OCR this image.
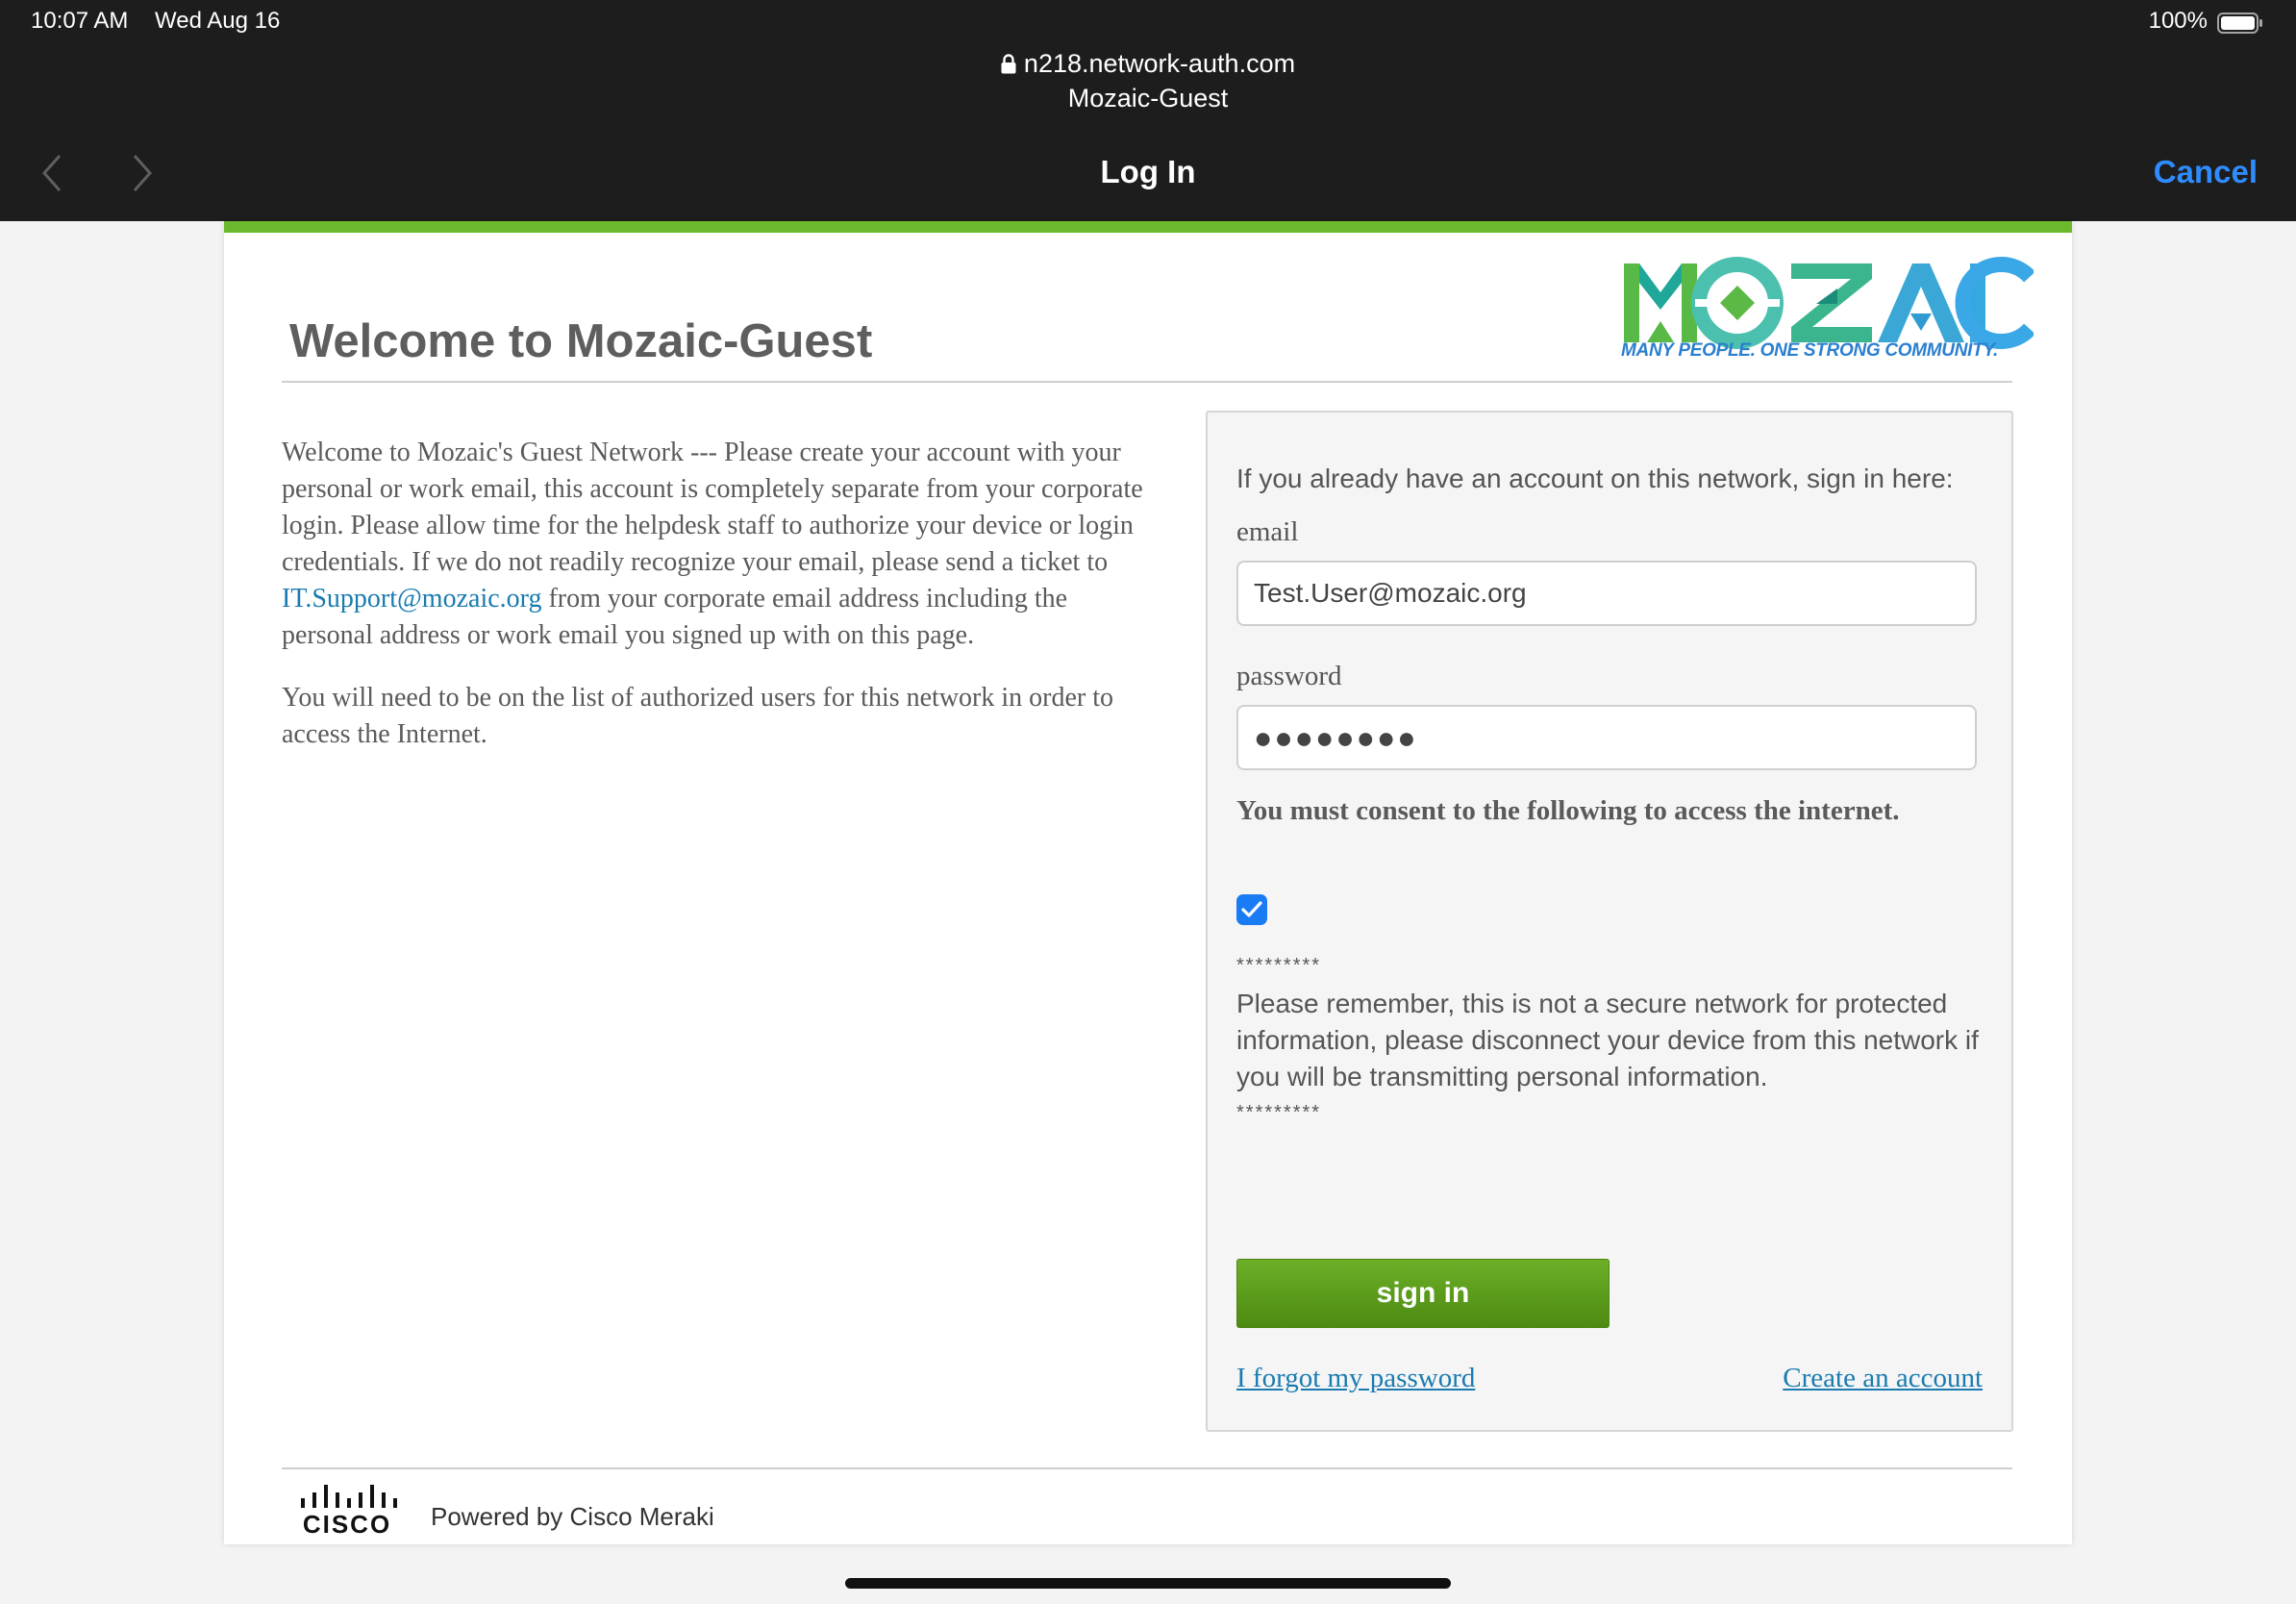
10:07 AM Wed Aug 16	100%
n218.network-auth.com
Mozaic-Guest
Log In	Cancel
Welcome to Mozaic-Guest	MANY PEOPLE. ONE STRONG COMMUNITY.

Welcome to Mozaic's Guest Network --- Please create your account with your personal or work email, this account is completely separate from your corporate login. Please allow time for the helpdesk staff to authorize your device or login credentials. If we do not readily recognize your email, please send a ticket to IT.Support@mozaic.org from your corporate email address including the personal address or work email you signed up with on this page.

You will need to be on the list of authorized users for this network in order to access the Internet.

If you already have an account on this network, sign in here:
email
Test.User@mozaic.org
password
●●●●●●●●
You must consent to the following to access the internet.
*********
Please remember, this is not a secure network for protected information, please disconnect your device from this network if you will be transmitting personal information.
*********
sign in
I forgot my password	Create an account
CISCO Powered by Cisco Meraki
